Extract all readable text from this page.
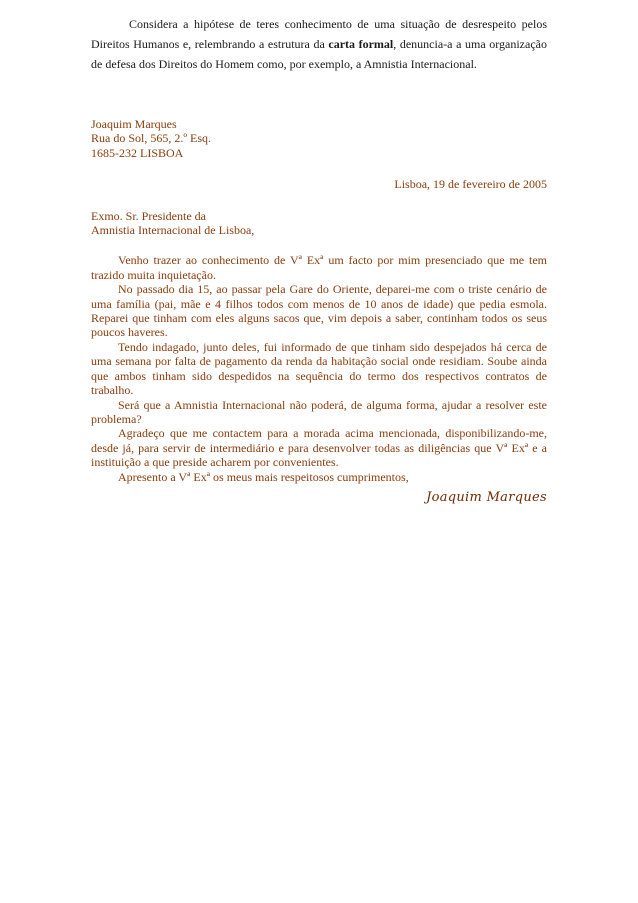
Considera a hipótese de teres conhecimento de uma situação de desrespeito pelos Direitos Humanos e, relembrando a estrutura da carta formal, denuncia-a a uma organização de defesa dos Direitos do Homem como, por exemplo, a Amnistia Internacional.

Joaquim Marques
Rua do Sol, 565, 2.º Esq.
1685-232 LISBOA
Lisboa, 19 de fevereiro de 2005
Exmo. Sr. Presidente da
Amnistia Internacional de Lisboa,

Venho trazer ao conhecimento de Vª Exª um facto por mim presenciado que me tem trazido muita inquietação.

No passado dia 15, ao passar pela Gare do Oriente, deparei-me com o triste cenário de uma família (pai, mãe e 4 filhos todos com menos de 10 anos de idade) que pedia esmola. Reparei que tinham com eles alguns sacos que, vim depois a saber, continham todos os seus poucos haveres.

Tendo indagado, junto deles, fui informado de que tinham sido despejados há cerca de uma semana por falta de pagamento da renda da habitação social onde residiam. Soube ainda que ambos tinham sido despedidos na sequência do termo dos respectivos contratos de trabalho.

Será que a Amnistia Internacional não poderá, de alguma forma, ajudar a resolver este problema?

Agradeço que me contactem para a morada acima mencionada, disponibilizando-me, desde já, para servir de intermediário e para desenvolver todas as diligências que Vª Exª e a instituição a que preside acharem por convenientes.

Apresento a Vª Exª os meus mais respeitosos cumprimentos,

Joaquim Marques
